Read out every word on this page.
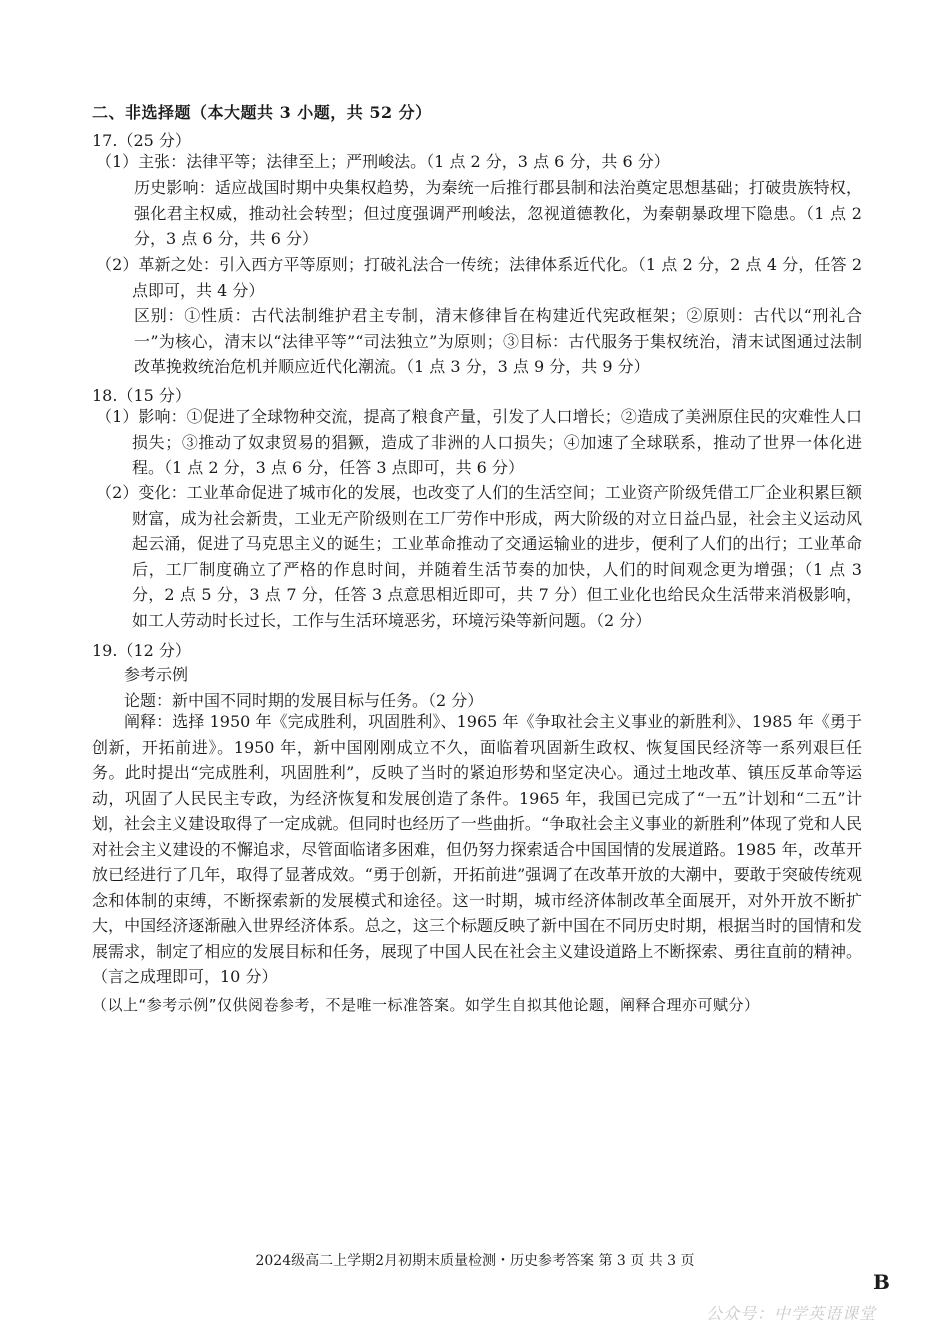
二、非选择题（本大题共 3 小题，共 52 分）
17.（25 分）
（1）主张：法律平等；法律至上；严刑峻法。（1 点 2 分，3 点 6 分，共 6 分）
历史影响：适应战国时期中央集权趋势，为秦统一后推行郡县制和法治奠定思想基础；打破贵族特权，强化君主权威，推动社会转型；但过度强调严刑峻法，忽视道德教化，为秦朝暴政埋下隐患。（1 点 2 分，3 点 6 分，共 6 分）
（2）革新之处：引入西方平等原则；打破礼法合一传统；法律体系近代化。（1 点 2 分，2 点 4 分，任答 2 点即可，共 4 分）
区别：①性质：古代法制维护君主专制，清末修律旨在构建近代宪政框架；②原则：古代以“刑礼合一”为核心，清末以“法律平等”“司法独立”为原则；③目标：古代服务于集权统治，清末试图通过法制改革挽救统治危机并顺应近代化潮流。（1 点 3 分，3 点 9 分，共 9 分）
18.（15 分）
（1）影响：①促进了全球物种交流，提高了粮食产量，引发了人口增长；②造成了美洲原住民的灾难性人口损失；③推动了奴隶贸易的猖獗，造成了非洲的人口损失；④加速了全球联系，推动了世界一体化进程。（1 点 2 分，3 点 6 分，任答 3 点即可，共 6 分）
（2）变化：工业革命促进了城市化的发展，也改变了人们的生活空间；工业资产阶级凭借工厂企业积累巨额财富，成为社会新贵，工业无产阶级则在工厂劳作中形成，两大阶级的对立日益凸显，社会主义运动风起云涌，促进了马克思主义的诞生；工业革命推动了交通运输业的进步，便利了人们的出行；工业革命后，工厂制度确立了严格的作息时间，并随着生活节奏的加快，人们的时间观念更为增强；（1 点 3 分，2 点 5 分，3 点 7 分，任答 3 点意思相近即可，共 7 分）但工业化也给民众生活带来消极影响，如工人劳动时长过长，工作与生活环境恶劣，环境污染等新问题。（2 分）
19.（12 分）
参考示例
论题：新中国不同时期的发展目标与任务。（2 分）
阐释：选择 1950 年《完成胜利，巩固胜利》、1965 年《争取社会主义事业的新胜利》、1985 年《勇于创新，开拓前进》。1950 年，新中国刚刚成立不久，面临着巩固新生政权、恢复国民经济等一系列艰巨任务。此时提出“完成胜利，巩固胜利”，反映了当时的紧迫形势和坚定决心。通过土地改革、镇压反革命等运动，巩固了人民民主专政，为经济恢复和发展创造了条件。1965 年，我国已完成了“一五”计划和“二五”计划，社会主义建设取得了一定成就。但同时也经历了一些曲折。“争取社会主义事业的新胜利”体现了党和人民对社会主义建设的不懈追求，尽管面临诸多困难，但仍努力探索适合中国国情的发展道路。1985 年，改革开放已经进行了几年，取得了显著成效。“勇于创新，开拓前进”强调了在改革开放的大潮中，要敢于突破传统观念和体制的束缚，不断探索新的发展模式和途径。这一时期，城市经济体制改革全面展开，对外开放不断扩大，中国经济逐渐融入世界经济体系。总之，这三个标题反映了新中国在不同历史时期，根据当时的国情和发展需求，制定了相应的发展目标和任务，展现了中国人民在社会主义建设道路上不断探索、勇往直前的精神。（言之成理即可，10 分）
（以上“参考示例”仅供阅卷参考，不是唯一标准答案。如学生自拟其他论题，阐释合理亦可赋分）
2024级高二上学期2月初期末质量检测・历史参考答案 第 3 页 共 3 页
B
公众号：中学英语课堂
